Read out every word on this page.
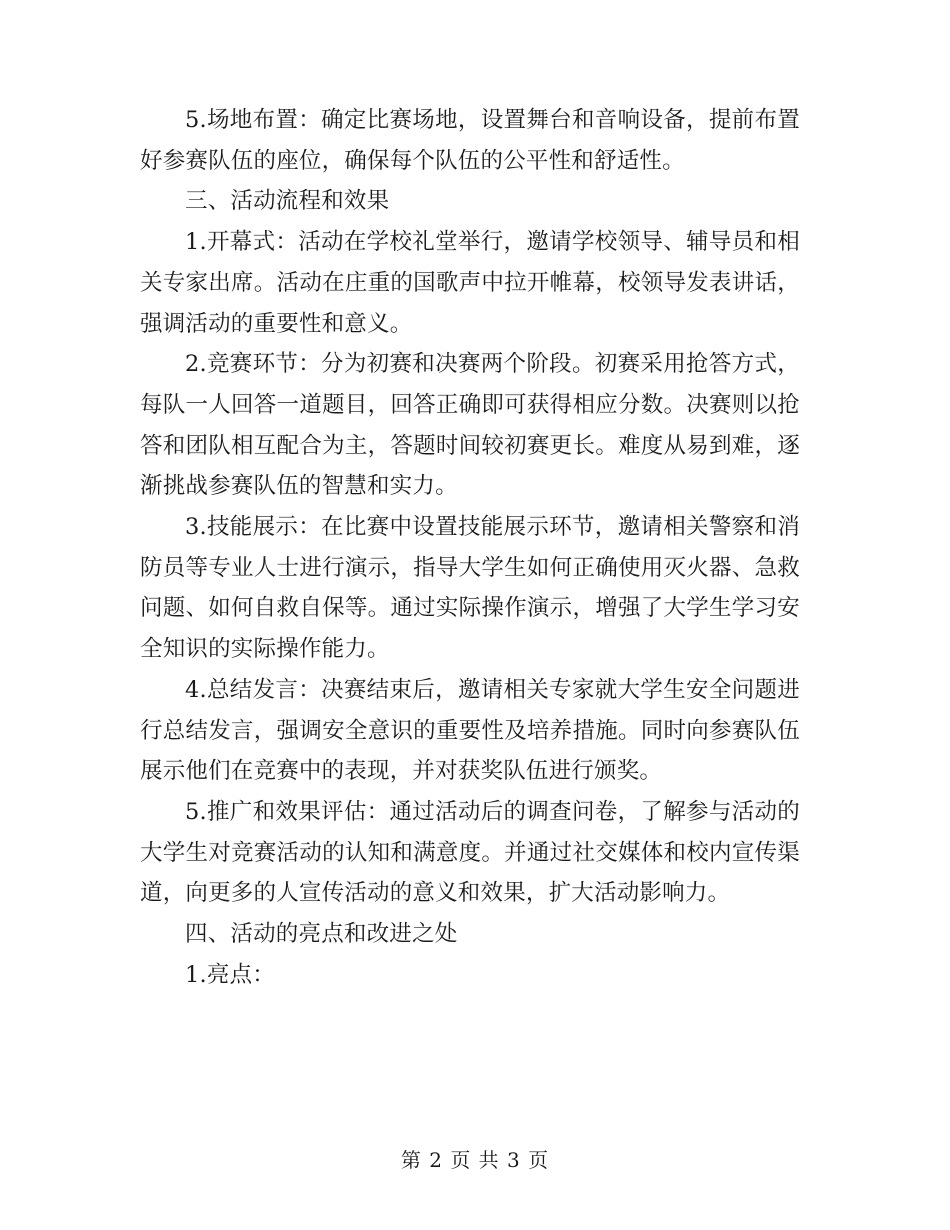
5.场地布置：确定比赛场地，设置舞台和音响设备，提前布置好参赛队伍的座位，确保每个队伍的公平性和舒适性。

三、活动流程和效果

1.开幕式：活动在学校礼堂举行，邀请学校领导、辅导员和相关专家出席。活动在庄重的国歌声中拉开帷幕，校领导发表讲话，强调活动的重要性和意义。

2.竞赛环节：分为初赛和决赛两个阶段。初赛采用抢答方式，每队一人回答一道题目，回答正确即可获得相应分数。决赛则以抢答和团队相互配合为主，答题时间较初赛更长。难度从易到难，逐渐挑战参赛队伍的智慧和实力。

3.技能展示：在比赛中设置技能展示环节，邀请相关警察和消防员等专业人士进行演示，指导大学生如何正确使用灭火器、急救问题、如何自救自保等。通过实际操作演示，增强了大学生学习安全知识的实际操作能力。

4.总结发言：决赛结束后，邀请相关专家就大学生安全问题进行总结发言，强调安全意识的重要性及培养措施。同时向参赛队伍展示他们在竞赛中的表现，并对获奖队伍进行颁奖。

5.推广和效果评估：通过活动后的调查问卷，了解参与活动的大学生对竞赛活动的认知和满意度。并通过社交媒体和校内宣传渠道，向更多的人宣传活动的意义和效果，扩大活动影响力。

四、活动的亮点和改进之处

1.亮点：

第 2 页 共 3 页
